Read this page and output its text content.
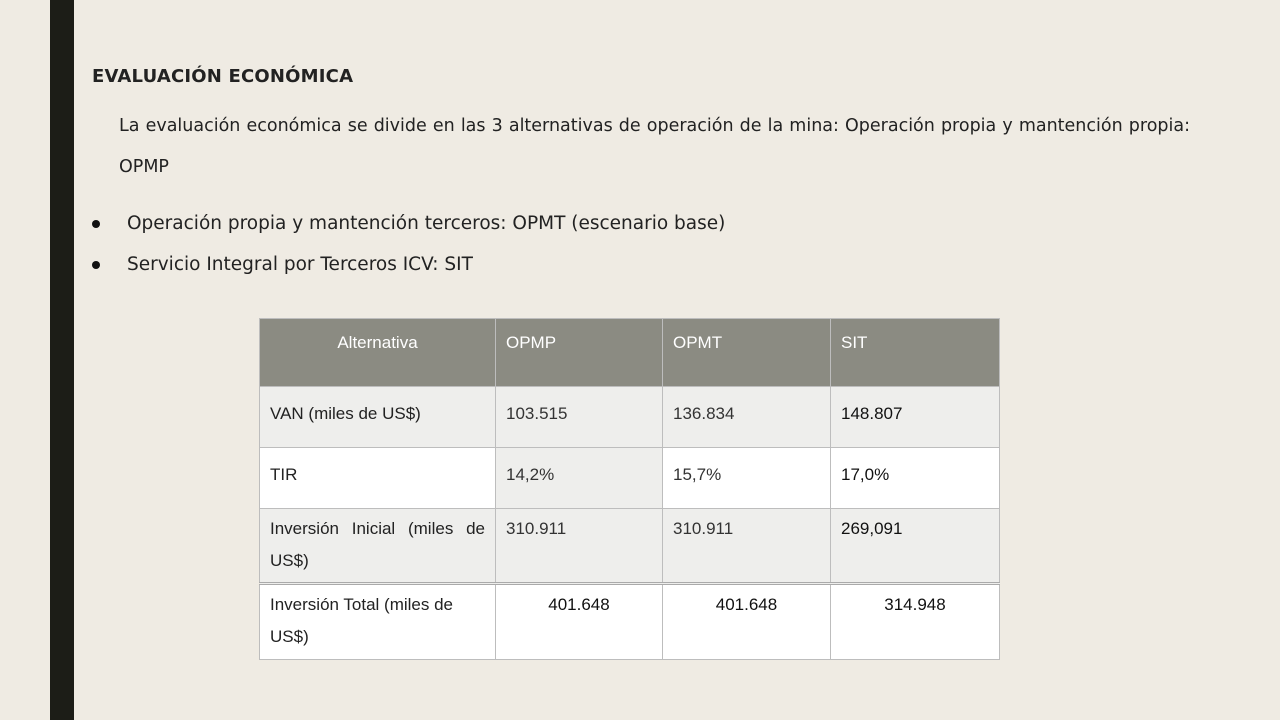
EVALUACIÓN ECONÓMICA
La evaluación económica se divide en las 3 alternativas de operación de la mina: Operación propia y mantención propia: OPMP
Operación propia y mantención terceros: OPMT (escenario base)
Servicio Integral por Terceros ICV: SIT
Alternativa	OPMP	OPMT	SIT
VAN (miles de US$)	103.515	136.834	148.807
TIR	14,2%	15,7%	17,0%
Inversión Inicial (miles de US$)	310.911	310.911	269,091
Inversión Total (miles de US$)	401.648	401.648	314.948
